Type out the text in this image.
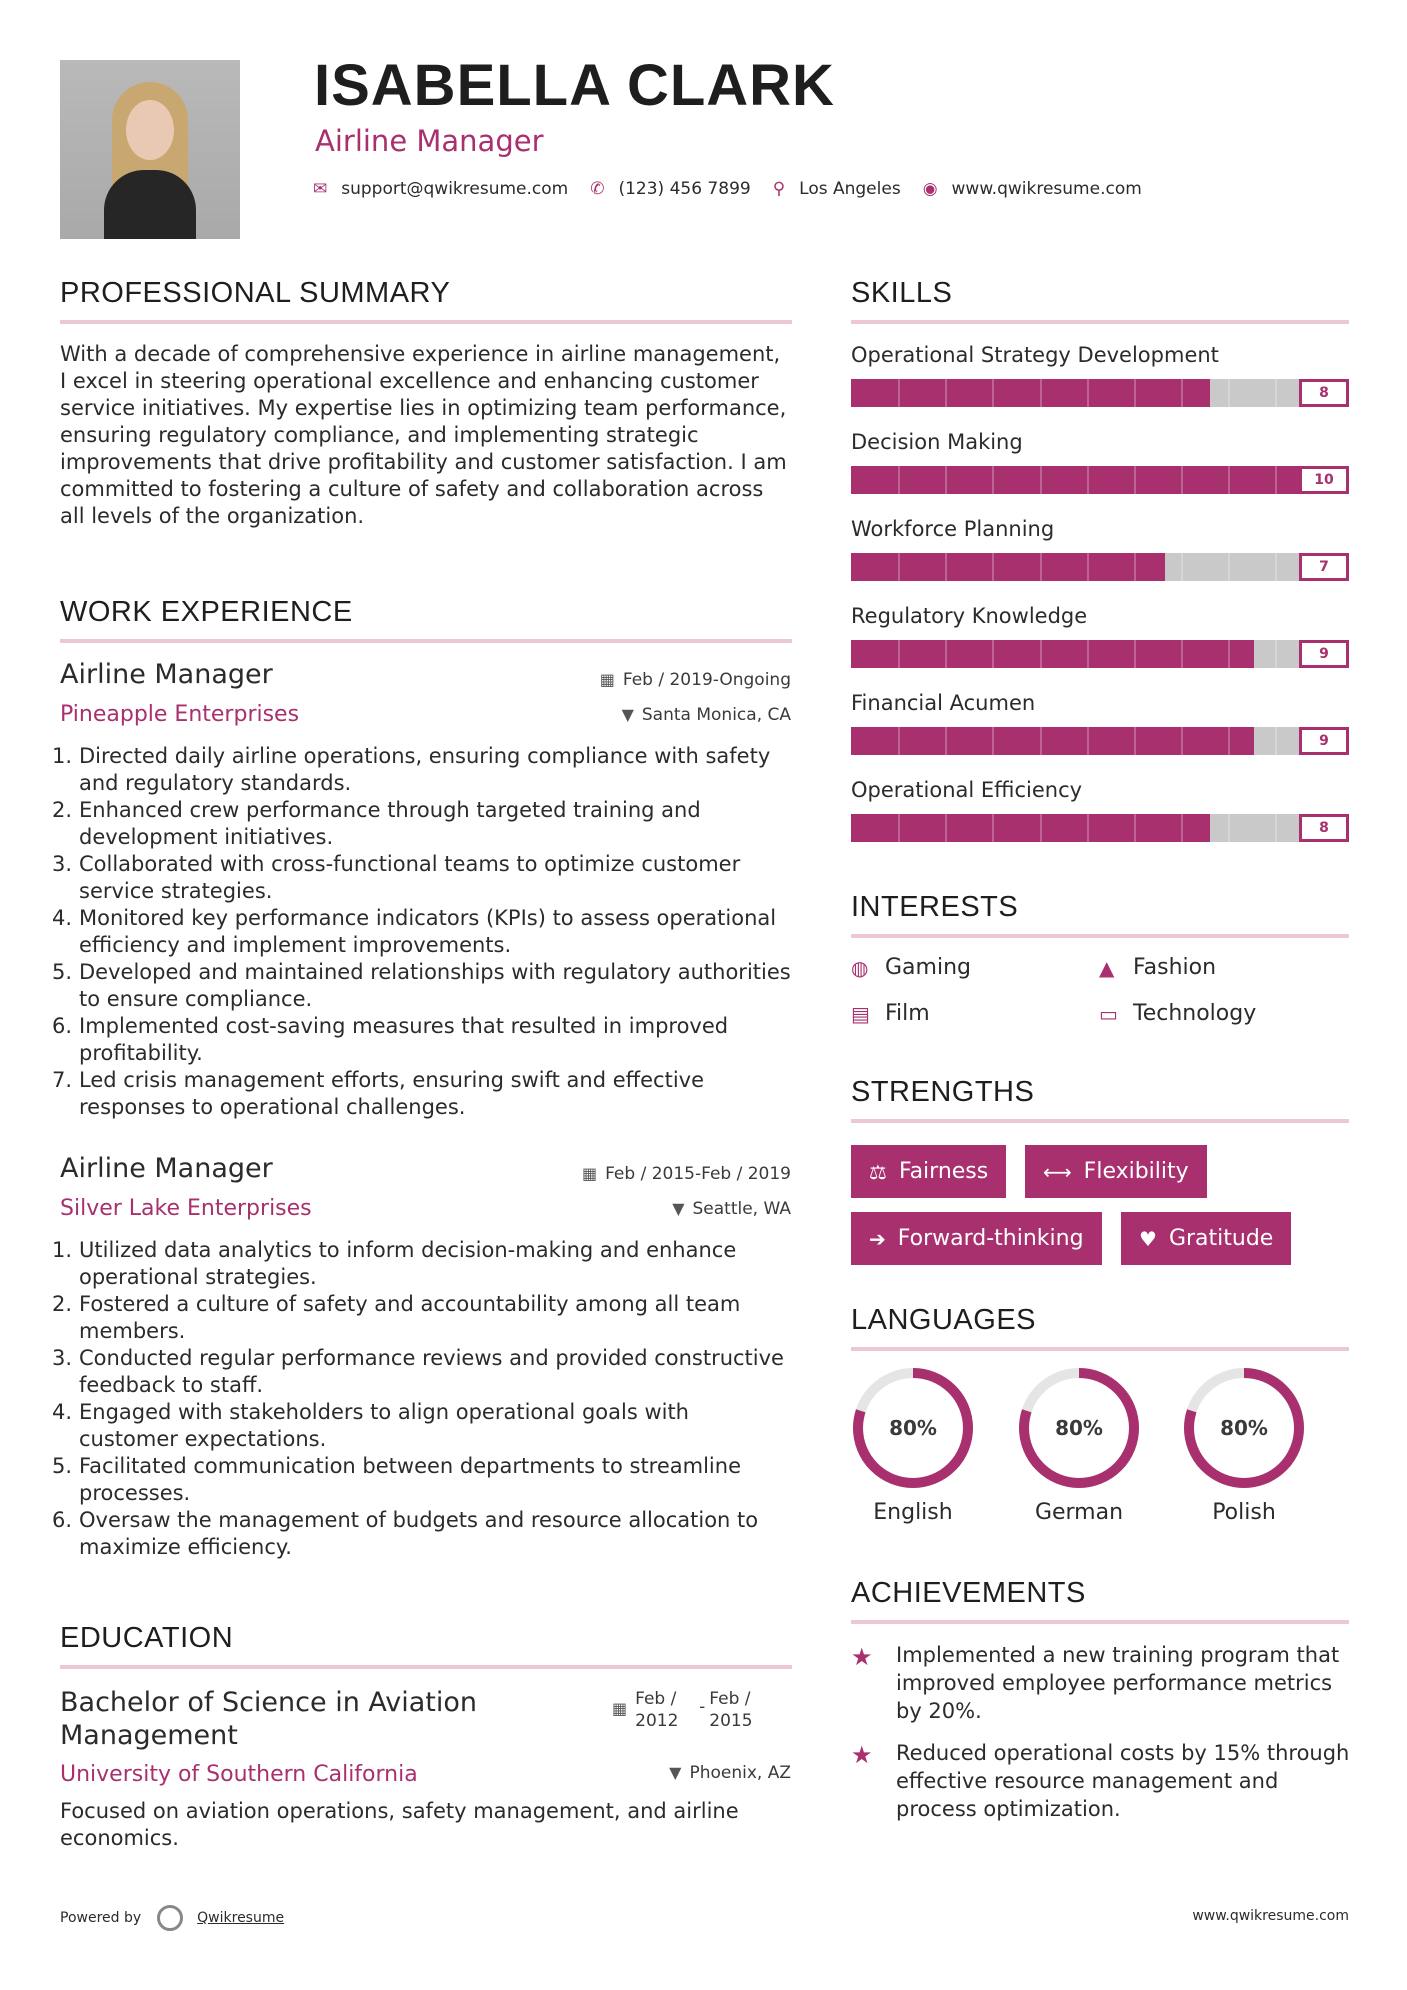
ISABELLA CLARK
Airline Manager
✉ support@qwikresume.com ✆ (123) 456 7899 ⚲ Los Angeles ◉ www.qwikresume.com
PROFESSIONAL SUMMARY
With a decade of comprehensive experience in airline management, I excel in steering operational excellence and enhancing customer service initiatives. My expertise lies in optimizing team performance, ensuring regulatory compliance, and implementing strategic improvements that drive profitability and customer satisfaction. I am committed to fostering a culture of safety and collaboration across all levels of the organization.
WORK EXPERIENCE
Airline Manager	▦ Feb / 2019-Ongoing
Pineapple Enterprises	▼ Santa Monica, CA
1. Directed daily airline operations, ensuring compliance with safety and regulatory standards.
2. Enhanced crew performance through targeted training and development initiatives.
3. Collaborated with cross-functional teams to optimize customer service strategies.
4. Monitored key performance indicators (KPIs) to assess operational efficiency and implement improvements.
5. Developed and maintained relationships with regulatory authorities to ensure compliance.
6. Implemented cost-saving measures that resulted in improved profitability.
7. Led crisis management efforts, ensuring swift and effective responses to operational challenges.
Airline Manager	▦ Feb / 2015-Feb / 2019
Silver Lake Enterprises	▼ Seattle, WA
1. Utilized data analytics to inform decision-making and enhance operational strategies.
2. Fostered a culture of safety and accountability among all team members.
3. Conducted regular performance reviews and provided constructive feedback to staff.
4. Engaged with stakeholders to align operational goals with customer expectations.
5. Facilitated communication between departments to streamline processes.
6. Oversaw the management of budgets and resource allocation to maximize efficiency.
EDUCATION
Bachelor of Science in Aviation Management
▦ Feb / 2012
- Feb / 2015
University of Southern California	▼ Phoenix, AZ
Focused on aviation operations, safety management, and airline economics.
SKILLS
Operational Strategy Development
8
Decision Making
10
Workforce Planning
7
Regulatory Knowledge
9
Financial Acumen
9
Operational Efficiency
8
INTERESTS
◍ Gaming	▲ Fashion
▤ Film	▭ Technology
STRENGTHS
⚖ Fairness	⟷ Flexibility
➔ Forward-thinking	♥ Gratitude
LANGUAGES
80%
English
80%
German
80%
Polish
ACHIEVEMENTS
★	Implemented a new training program that improved employee performance metrics by 20%.
★	Reduced operational costs by 15% through effective resource management and process optimization.
Powered by	Qwikresume	www.qwikresume.com
